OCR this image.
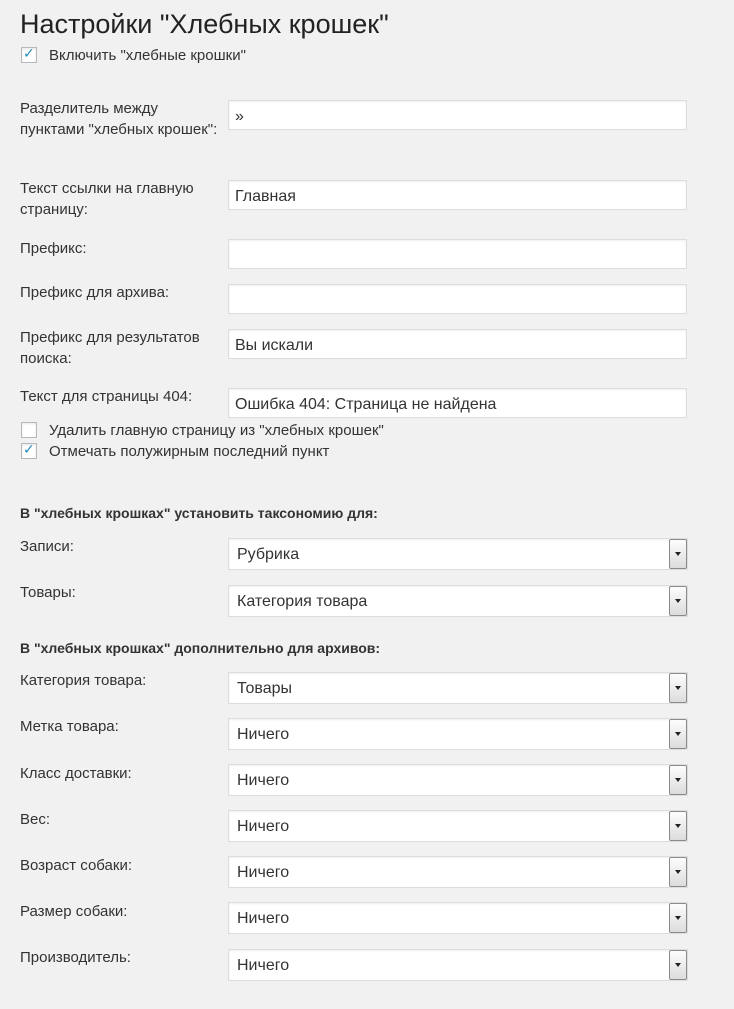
Настройки "Хлебных крошек"
✓ Включить "хлебные крошки"
Разделитель между пунктами "хлебных крошек":
»
Текст ссылки на главную страницу:
Главная
Префикс:
Префикс для архива:
Префикс для результатов поиска:
Вы искали
Текст для страницы 404:
Ошибка 404: Страница не найдена
Удалить главную страницу из "хлебных крошек"
✓ Отмечать полужирным последний пункт
В "хлебных крошках" установить таксономию для:
Записи:	Рубрика
Товары:
Категория товара
В "хлебных крошках" дополнительно для архивов:
Категория товара:	Товары
Метка товара:	Ничего
Класс доставки:	Ничего
Вес:	Ничего
Возраст собаки:	Ничего
Размер собаки:	Ничего
Производитель:	Ничего
